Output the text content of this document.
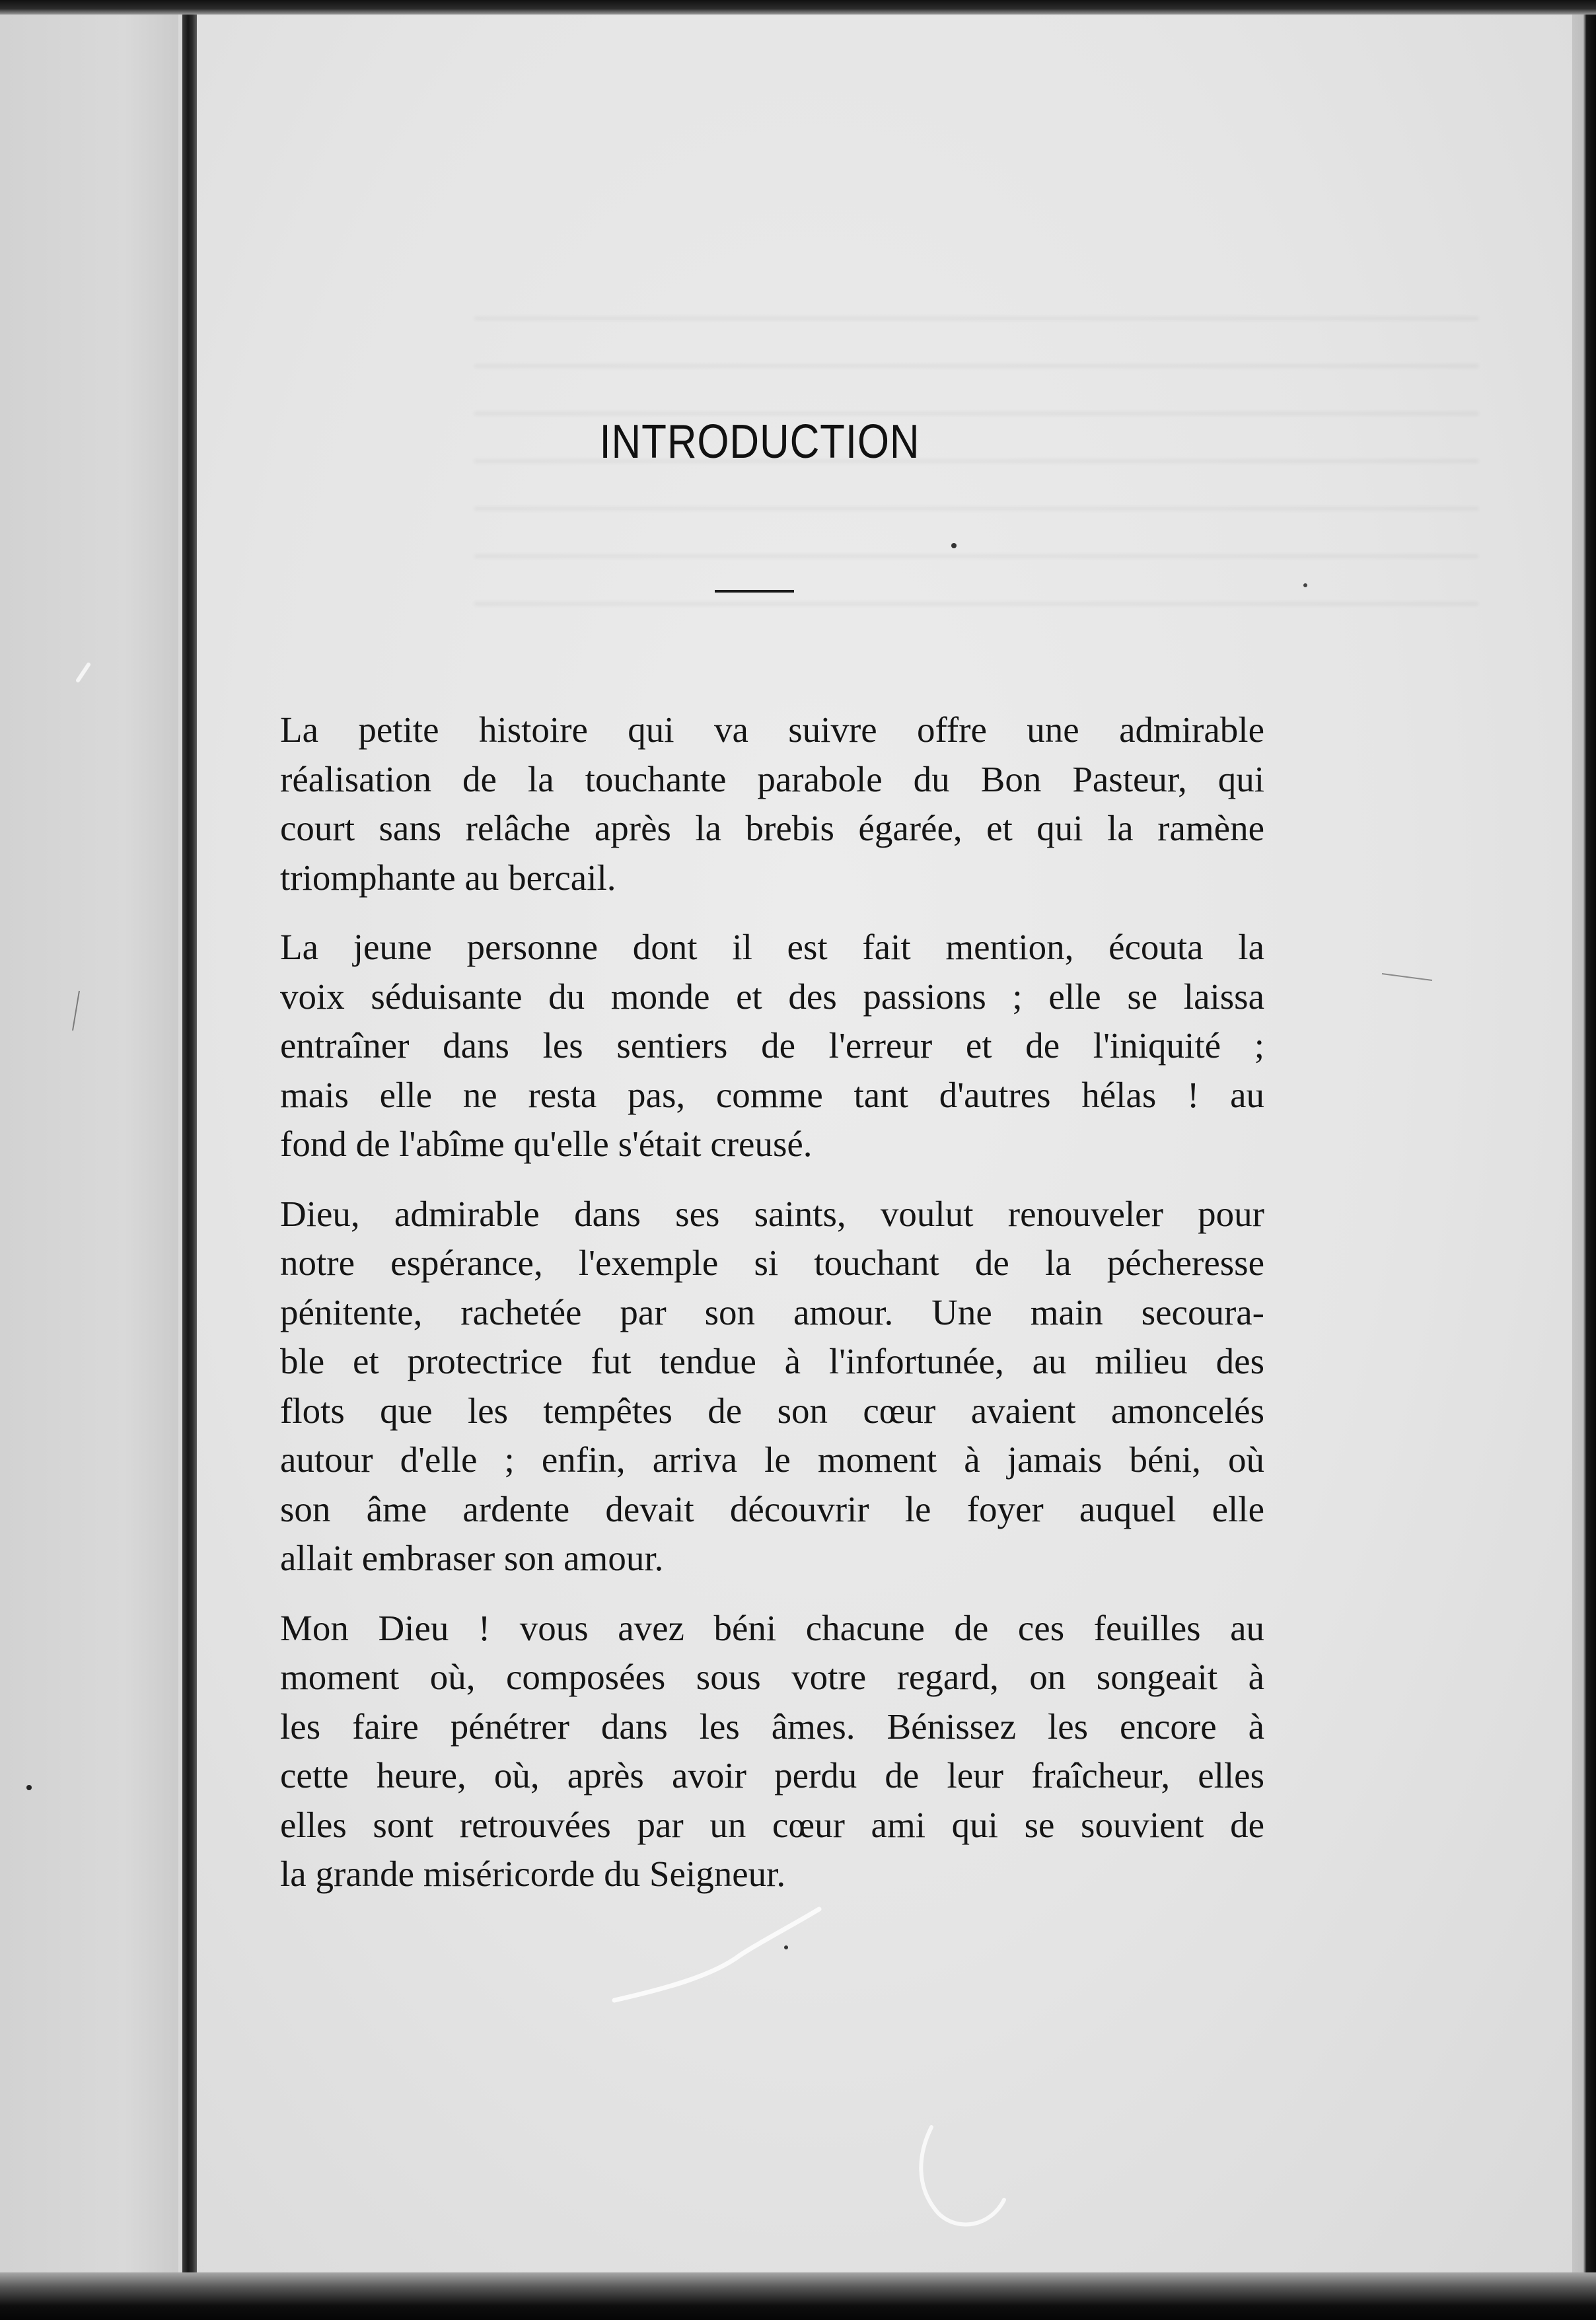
INTRODUCTION
La petite histoire qui va suivre offre une admirable
réalisation de la touchante parabole du Bon Pasteur, qui
court sans relâche après la brebis égarée, et qui la ramène
triomphante au bercail.
La jeune personne dont il est fait mention, écouta la
voix séduisante du monde et des passions ; elle se laissa
entraîner dans les sentiers de l'erreur et de l'iniquité ;
mais elle ne resta pas, comme tant d'autres hélas ! au
fond de l'abîme qu'elle s'était creusé.
Dieu, admirable dans ses saints, voulut renouveler pour
notre espérance, l'exemple si touchant de la pécheresse
pénitente, rachetée par son amour. Une main secoura-
ble et protectrice fut tendue à l'infortunée, au milieu des
flots que les tempêtes de son cœur avaient amoncelés
autour d'elle ; enfin, arriva le moment à jamais béni, où
son âme ardente devait découvrir le foyer auquel elle
allait embraser son amour.
Mon Dieu ! vous avez béni chacune de ces feuilles au
moment où, composées sous votre regard, on songeait à
les faire pénétrer dans les âmes. Bénissez les encore à
cette heure, où, après avoir perdu de leur fraîcheur, elles
elles sont retrouvées par un cœur ami qui se souvient de
la grande miséricorde du Seigneur.
